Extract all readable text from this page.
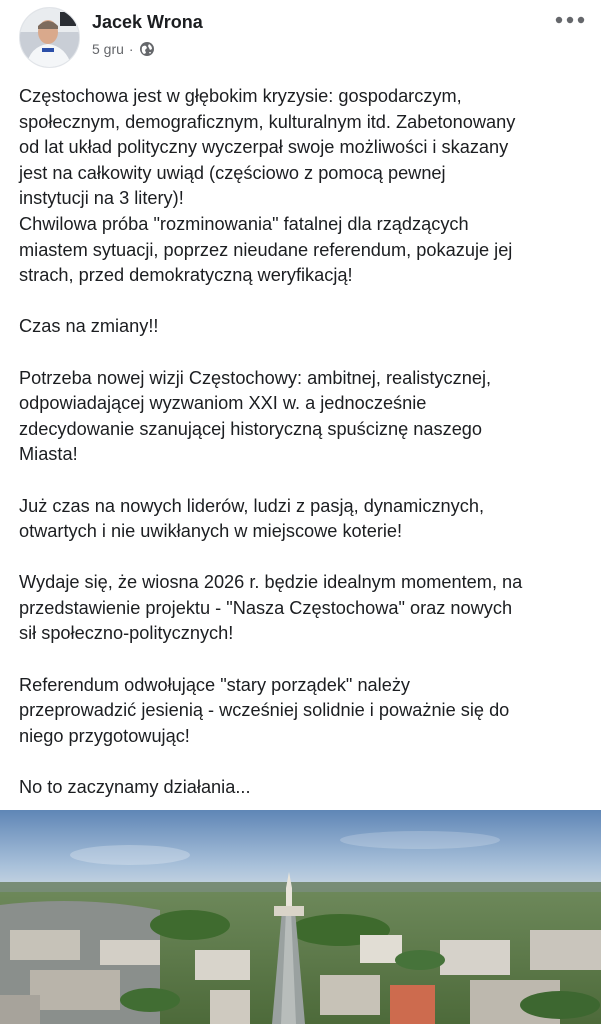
Jacek Wrona
5 gru ·

Częstochowa jest w głębokim kryzysie: gospodarczym,
społecznym, demograficznym, kulturalnym itd. Zabetonowany
od lat układ polityczny wyczerpał swoje możliwości i skazany
jest na całkowity uwiąd (częściowo z pomocą pewnej
instytucji na 3 litery)!
Chwilowa próba "rozminowania" fatalnej dla rządzących
miastem sytuacji, poprzez nieudane referendum, pokazuje jej
strach, przed demokratyczną weryfikacją!

Czas na zmiany!!

Potrzeba nowej wizji Częstochowy: ambitnej, realistycznej,
odpowiadającej wyzwaniom XXI w. a jednocześnie
zdecydowanie szanującej historyczną spuściznę naszego
Miasta!

Już czas na nowych liderów, ludzi z pasją, dynamicznych,
otwartych i nie uwikłanych w miejscowe koterie!

Wydaje się, że wiosna 2026 r. będzie idealnym momentem, na
przedstawienie projektu - "Nasza Częstochowa" oraz nowych
sił społeczno-politycznych!

Referendum odwołujące "stary porządek" należy
przeprowadzić jesienią - wcześniej solidnie i poważnie się do
niego przygotowując!

No to zaczynamy działania...
